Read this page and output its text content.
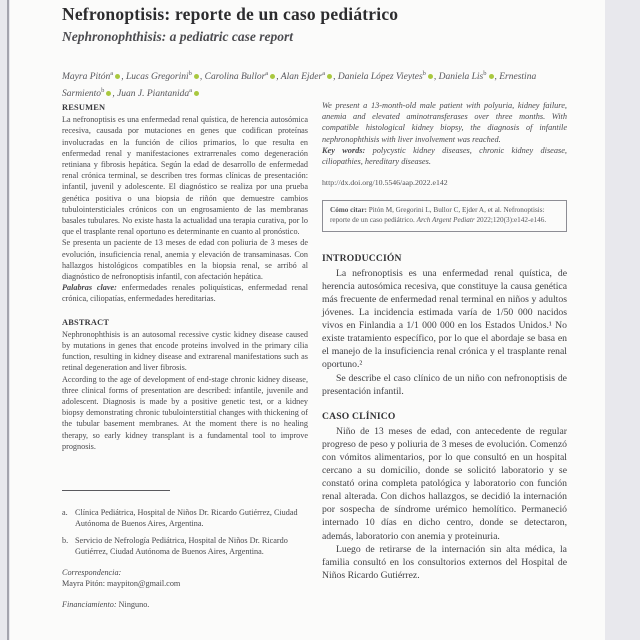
Nefronoptisis: reporte de un caso pediátrico

Nephronophthisis: a pediatric case report

Mayra Pitón$^a$ , Lucas Gregorini$^b$ , Carolina Bullor$^a$ , Alan Ejder$^a$ , Daniela López Vieytes$^b$ , Daniela Lis$^b$ , Ernestina Sarmiento$^b$ , Juan J. Piantanida$^a$
RESUMEN

La nefronoptisis es una enfermedad renal quística, de herencia autosómica recesiva, causada por mutaciones en genes que codifican proteínas involucradas en la función de cilios primarios, lo que resulta en enfermedad renal y manifestaciones extrarrenales como degeneración retiniana y fibrosis hepática. Según la edad de desarrollo de enfermedad renal crónica terminal, se describen tres formas clínicas de presentación: infantil, juvenil y adolescente. El diagnóstico se realiza por una prueba genética positiva o una biopsia de riñón que demuestre cambios tubulointersticiales crónicos con un engrosamiento de las membranas basales tubulares. No existe hasta la actualidad una terapia curativa, por lo que el trasplante renal oportuno es determinante en cuanto al pronóstico.

Se presenta un paciente de 13 meses de edad con poliuria de 3 meses de evolución, insuficiencia renal, anemia y elevación de transaminasas. Con hallazgos histológicos compatibles en la biopsia renal, se arribó al diagnóstico de nefronoptisis infantil, con afectación hepática.

Palabras clave: enfermedades renales poliquísticas, enfermedad renal crónica, ciliopatías, enfermedades hereditarias.

ABSTRACT

Nephronophthisis is an autosomal recessive cystic kidney disease caused by mutations in genes that encode proteins involved in the primary cilia function, resulting in kidney disease and extrarenal manifestations such as retinal degeneration and liver fibrosis.

According to the age of development of end-stage chronic kidney disease, three clinical forms of presentation are described: infantile, juvenile and adolescent. Diagnosis is made by a positive genetic test, or a kidney biopsy demonstrating chronic tubulointerstitial changes with thickening of the tubular basement membranes. At the moment there is no healing therapy, so early kidney transplant is a fundamental tool to improve prognosis.

a. Clínica Pediátrica, Hospital de Niños Dr. Ricardo Gutiérrez, Ciudad Autónoma de Buenos Aires, Argentina.
b. Servicio de Nefrología Pediátrica, Hospital de Niños Dr. Ricardo Gutiérrez, Ciudad Autónoma de Buenos Aires, Argentina.
Correspondencia:
Mayra Pitón: maypiton@gmail.com
Financiamiento: Ninguno.

We present a 13-month-old male patient with polyuria, kidney failure, anemia and elevated aminotransferases over three months. With compatible histological kidney biopsy, the diagnosis of infantile nephronophthisis with liver involvement was reached.

Key words: polycystic kidney diseases, chronic kidney disease, ciliopathies, hereditary diseases.

http://dx.doi.org/10.5546/aap.2022.e142
Cómo citar: Pitón M, Gregorini L, Bullor C, Ejder A, et al. Nefronoptisis: reporte de un caso pediátrico. Arch Argent Pediatr 2022;120(3):e142-e146.
INTRODUCCIÓN

La nefronoptisis es una enfermedad renal quística, de herencia autosómica recesiva, que constituye la causa genética más frecuente de enfermedad renal terminal en niños y adultos jóvenes. La incidencia estimada varía de 1/50 000 nacidos vivos en Finlandia a 1/1 000 000 en los Estados Unidos.¹ No existe tratamiento específico, por lo que el abordaje se basa en el manejo de la insuficiencia renal crónica y el trasplante renal oportuno.²

Se describe el caso clínico de un niño con nefronoptisis de presentación infantil.

CASO CLÍNICO

Niño de 13 meses de edad, con antecedente de regular progreso de peso y poliuria de 3 meses de evolución. Comenzó con vómitos alimentarios, por lo que consultó en un hospital cercano a su domicilio, donde se solicitó laboratorio y se constató orina completa patológica y laboratorio con función renal alterada. Con dichos hallazgos, se decidió la internación por sospecha de síndrome urémico hemolítico. Permaneció internado 10 días en dicho centro, donde se detectaron, además, laboratorio con anemia y proteinuria.

Luego de retirarse de la internación sin alta médica, la familia consultó en los consultorios externos del Hospital de Niños Ricardo Gutiérrez.
